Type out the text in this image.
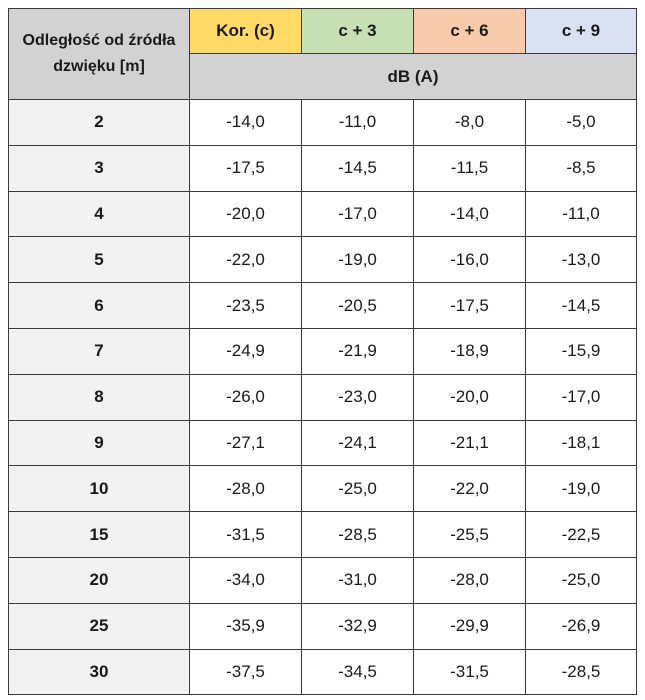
Odległość od źródła dzwięku [m]	Kor. (c)	c + 3	c + 6	c + 9
	dB (A)			
2	-14,0	-11,0	-8,0	-5,0
3	-17,5	-14,5	-11,5	-8,5
4	-20,0	-17,0	-14,0	-11,0
5	-22,0	-19,0	-16,0	-13,0
6	-23,5	-20,5	-17,5	-14,5
7	-24,9	-21,9	-18,9	-15,9
8	-26,0	-23,0	-20,0	-17,0
9	-27,1	-24,1	-21,1	-18,1
10	-28,0	-25,0	-22,0	-19,0
15	-31,5	-28,5	-25,5	-22,5
20	-34,0	-31,0	-28,0	-25,0
25	-35,9	-32,9	-29,9	-26,9
30	-37,5	-34,5	-31,5	-28,5
